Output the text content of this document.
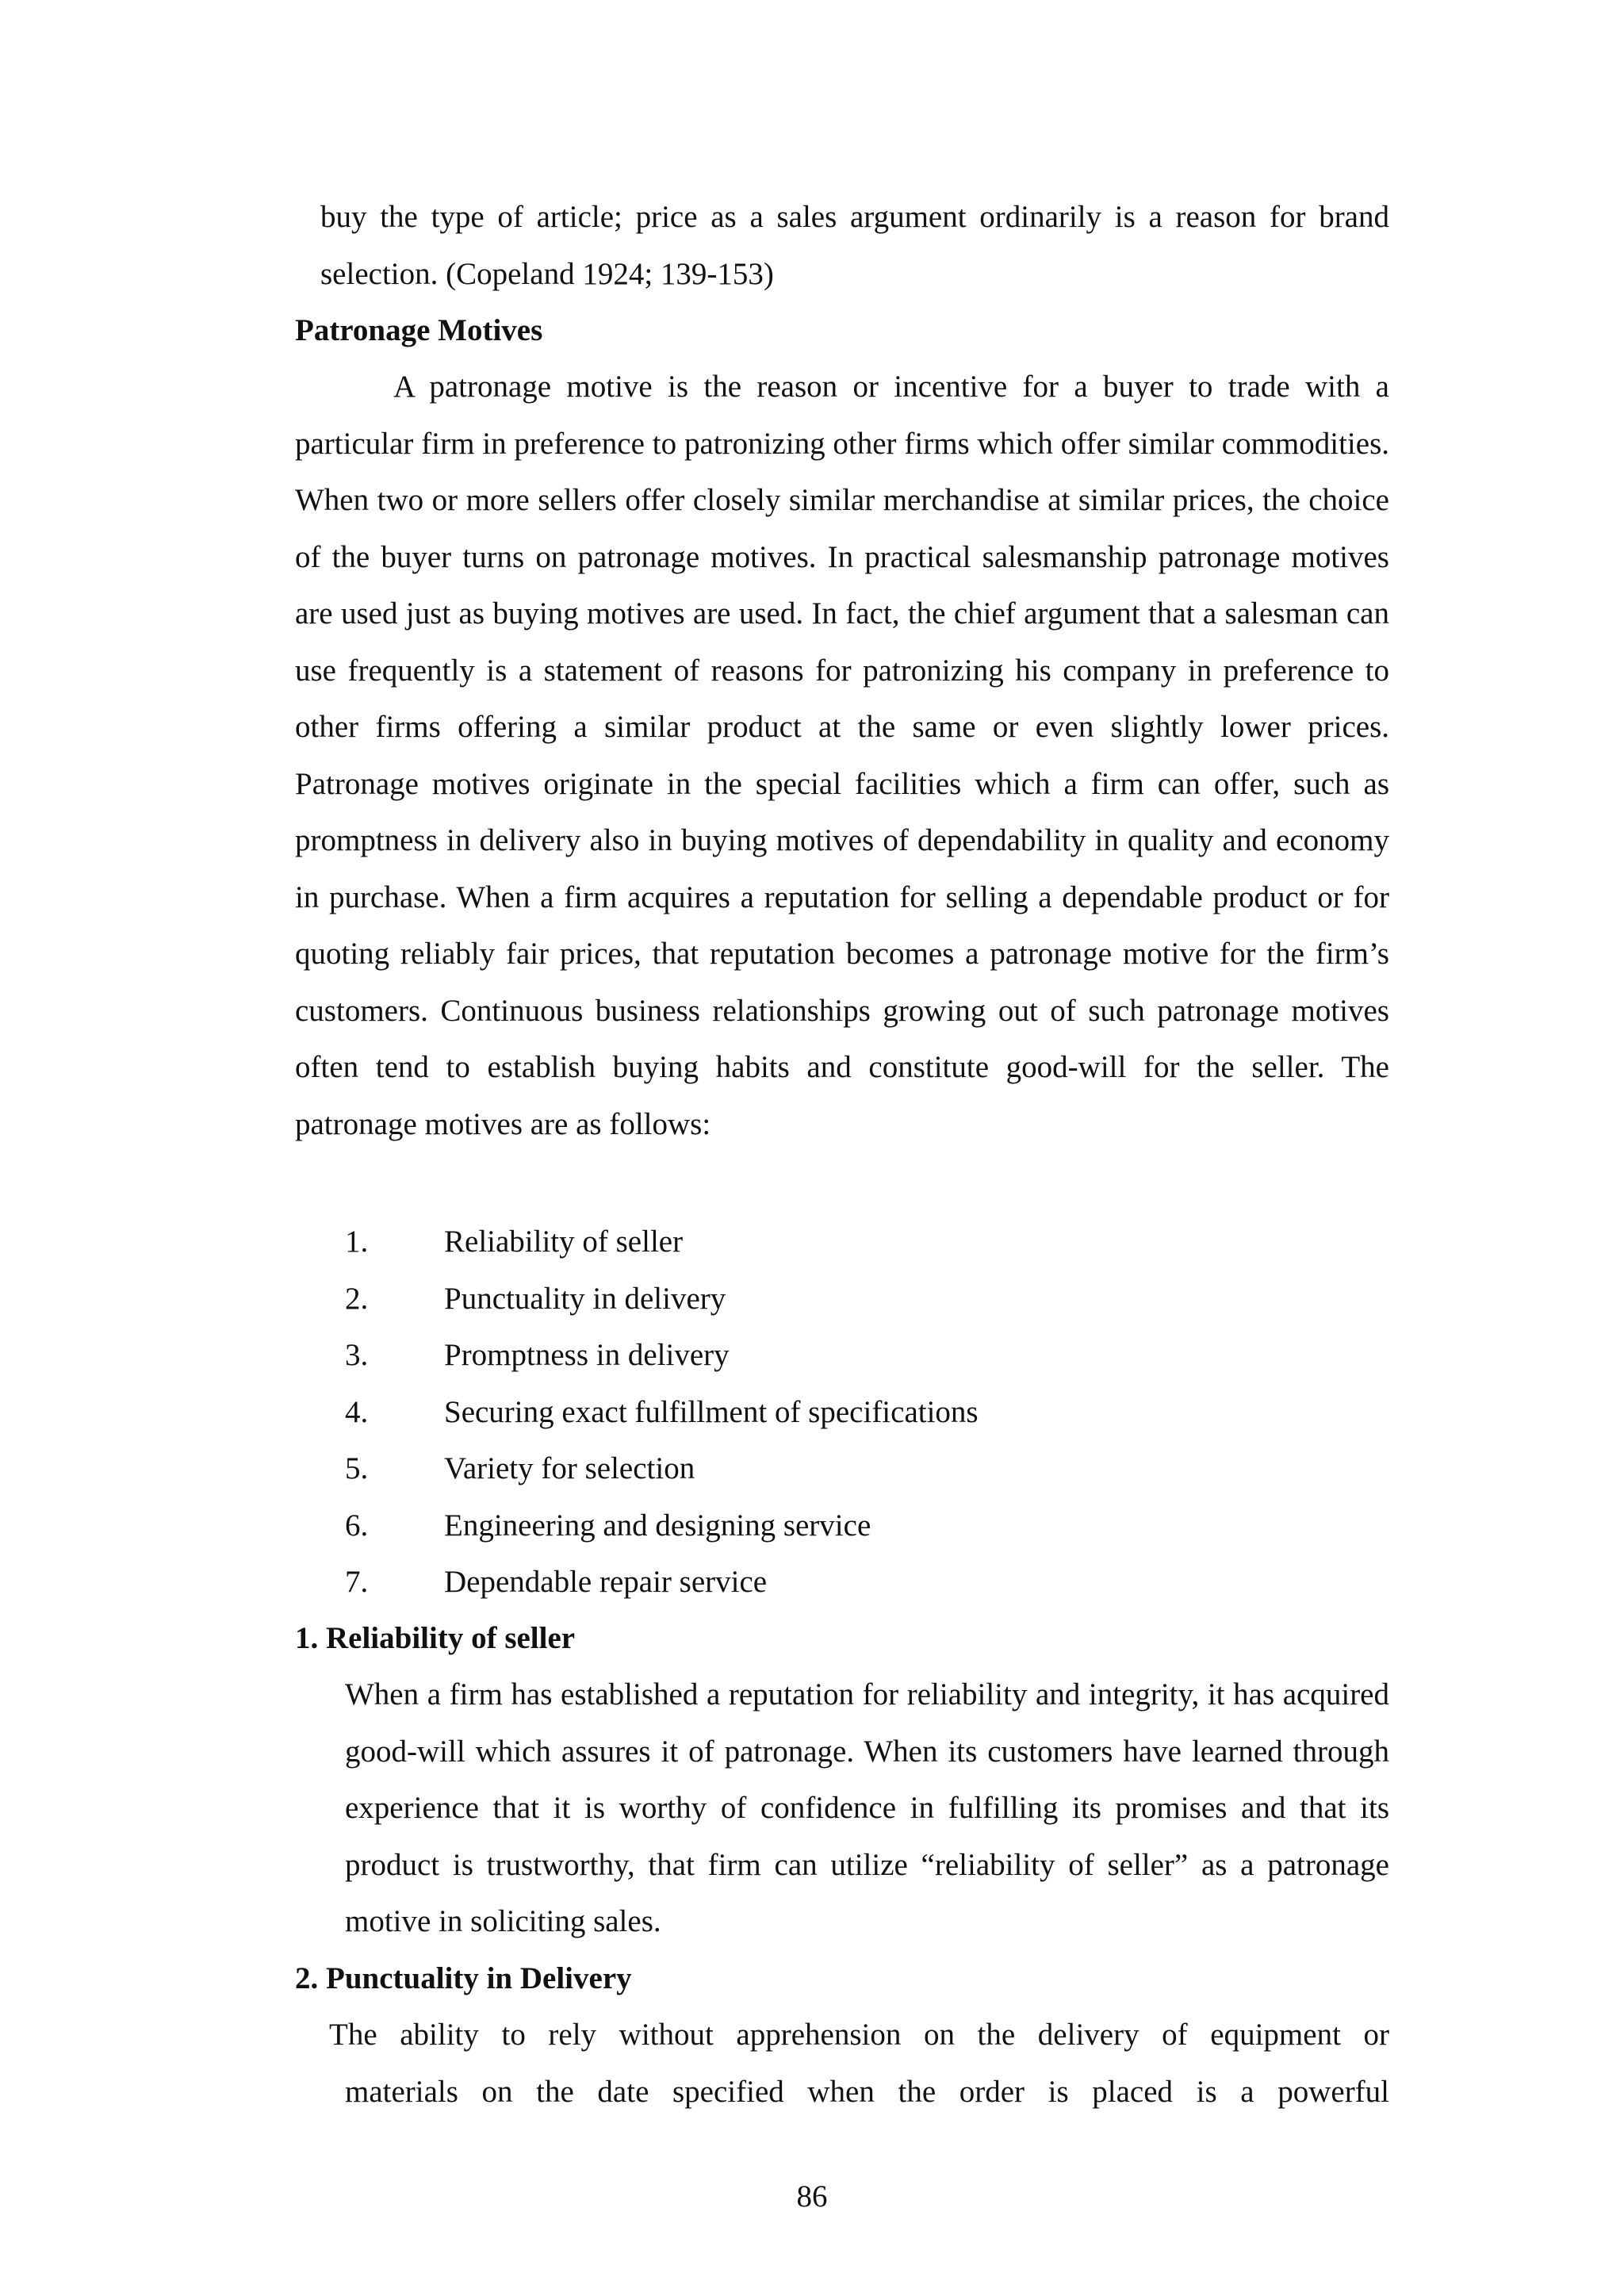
buy the type of article; price as a sales argument ordinarily is a reason for brand selection. (Copeland 1924; 139-153)

Patronage Motives

A patronage motive is the reason or incentive for a buyer to trade with a particular firm in preference to patronizing other firms which offer similar commodities. When two or more sellers offer closely similar merchandise at similar prices, the choice of the buyer turns on patronage motives. In practical salesmanship patronage motives are used just as buying motives are used. In fact, the chief argument that a salesman can use frequently is a statement of reasons for patronizing his company in preference to other firms offering a similar product at the same or even slightly lower prices. Patronage motives originate in the special facilities which a firm can offer, such as promptness in delivery also in buying motives of dependability in quality and economy in purchase. When a firm acquires a reputation for selling a dependable product or for quoting reliably fair prices, that reputation becomes a patronage motive for the firm’s customers. Continuous business relationships growing out of such patronage motives often tend to establish buying habits and constitute good-will for the seller. The patronage motives are as follows:

1. Reliability of seller
2. Punctuality in delivery
3. Promptness in delivery
4. Securing exact fulfillment of specifications
5. Variety for selection
6. Engineering and designing service
7. Dependable repair service
1. Reliability of seller

When a firm has established a reputation for reliability and integrity, it has acquired good-will which assures it of patronage. When its customers have learned through experience that it is worthy of confidence in fulfilling its promises and that its product is trustworthy, that firm can utilize “reliability of seller” as a patronage motive in soliciting sales.

2. Punctuality in Delivery

The ability to rely without apprehension on the delivery of equipment or
materials on the date specified when the order is placed is a powerful

86
